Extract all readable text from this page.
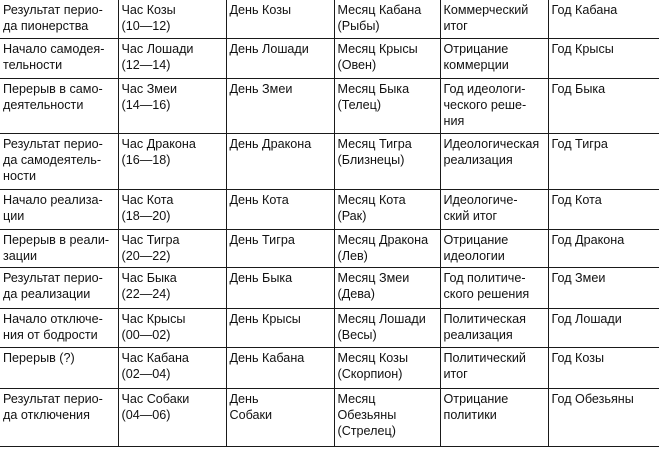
Результат перио-
да пионерства	Час Козы
(10—12)	День Козы	Месяц Кабана
(Рыбы)	Коммерческий
итог	Год Кабана

Начало самодея-
тельности	Час Лошади
(12—14)	День Лошади	Месяц Крысы
(Овен)	Отрицание
коммерции	Год Крысы

Перерыв в само-
деятельности	Час Змеи
(14—16)	День Змеи	Месяц Быка
(Телец)	Год идеологи-
ческого реше-
ния	Год Быка

Результат перио-
да самодеятель-
ности	Час Дракона
(16—18)	День Дракона	Месяц Тигра
(Близнецы)	Идеологическая
реализация	Год Тигра

Начало реализа-
ции	Час Кота
(18—20)	День Кота	Месяц Кота
(Рак)	Идеологиче-
ский итог	Год Кота

Перерыв в реали-
зации	Час Тигра
(20—22)	День Тигра	Месяц Дракона
(Лев)	Отрицание
идеологии	Год Дракона

Результат перио-
да реализации	Час Быка
(22—24)	День Быка	Месяц Змеи
(Дева)	Год политиче-
ского решения	Год Змеи

Начало отключе-
ния от бодрости	Час Крысы
(00—02)	День Крысы	Месяц Лошади
(Весы)	Политическая
реализация	Год Лошади

Перерыв (?)	Час Кабана
(02—04)	День Кабана	Месяц Козы
(Скорпион)	Политический
итог	Год Козы

Результат перио-
да отключения	Час Собаки
(04—06)	День
Собаки	Месяц
Обезьяны
(Стрелец)	Отрицание
политики	Год Обезьяны
